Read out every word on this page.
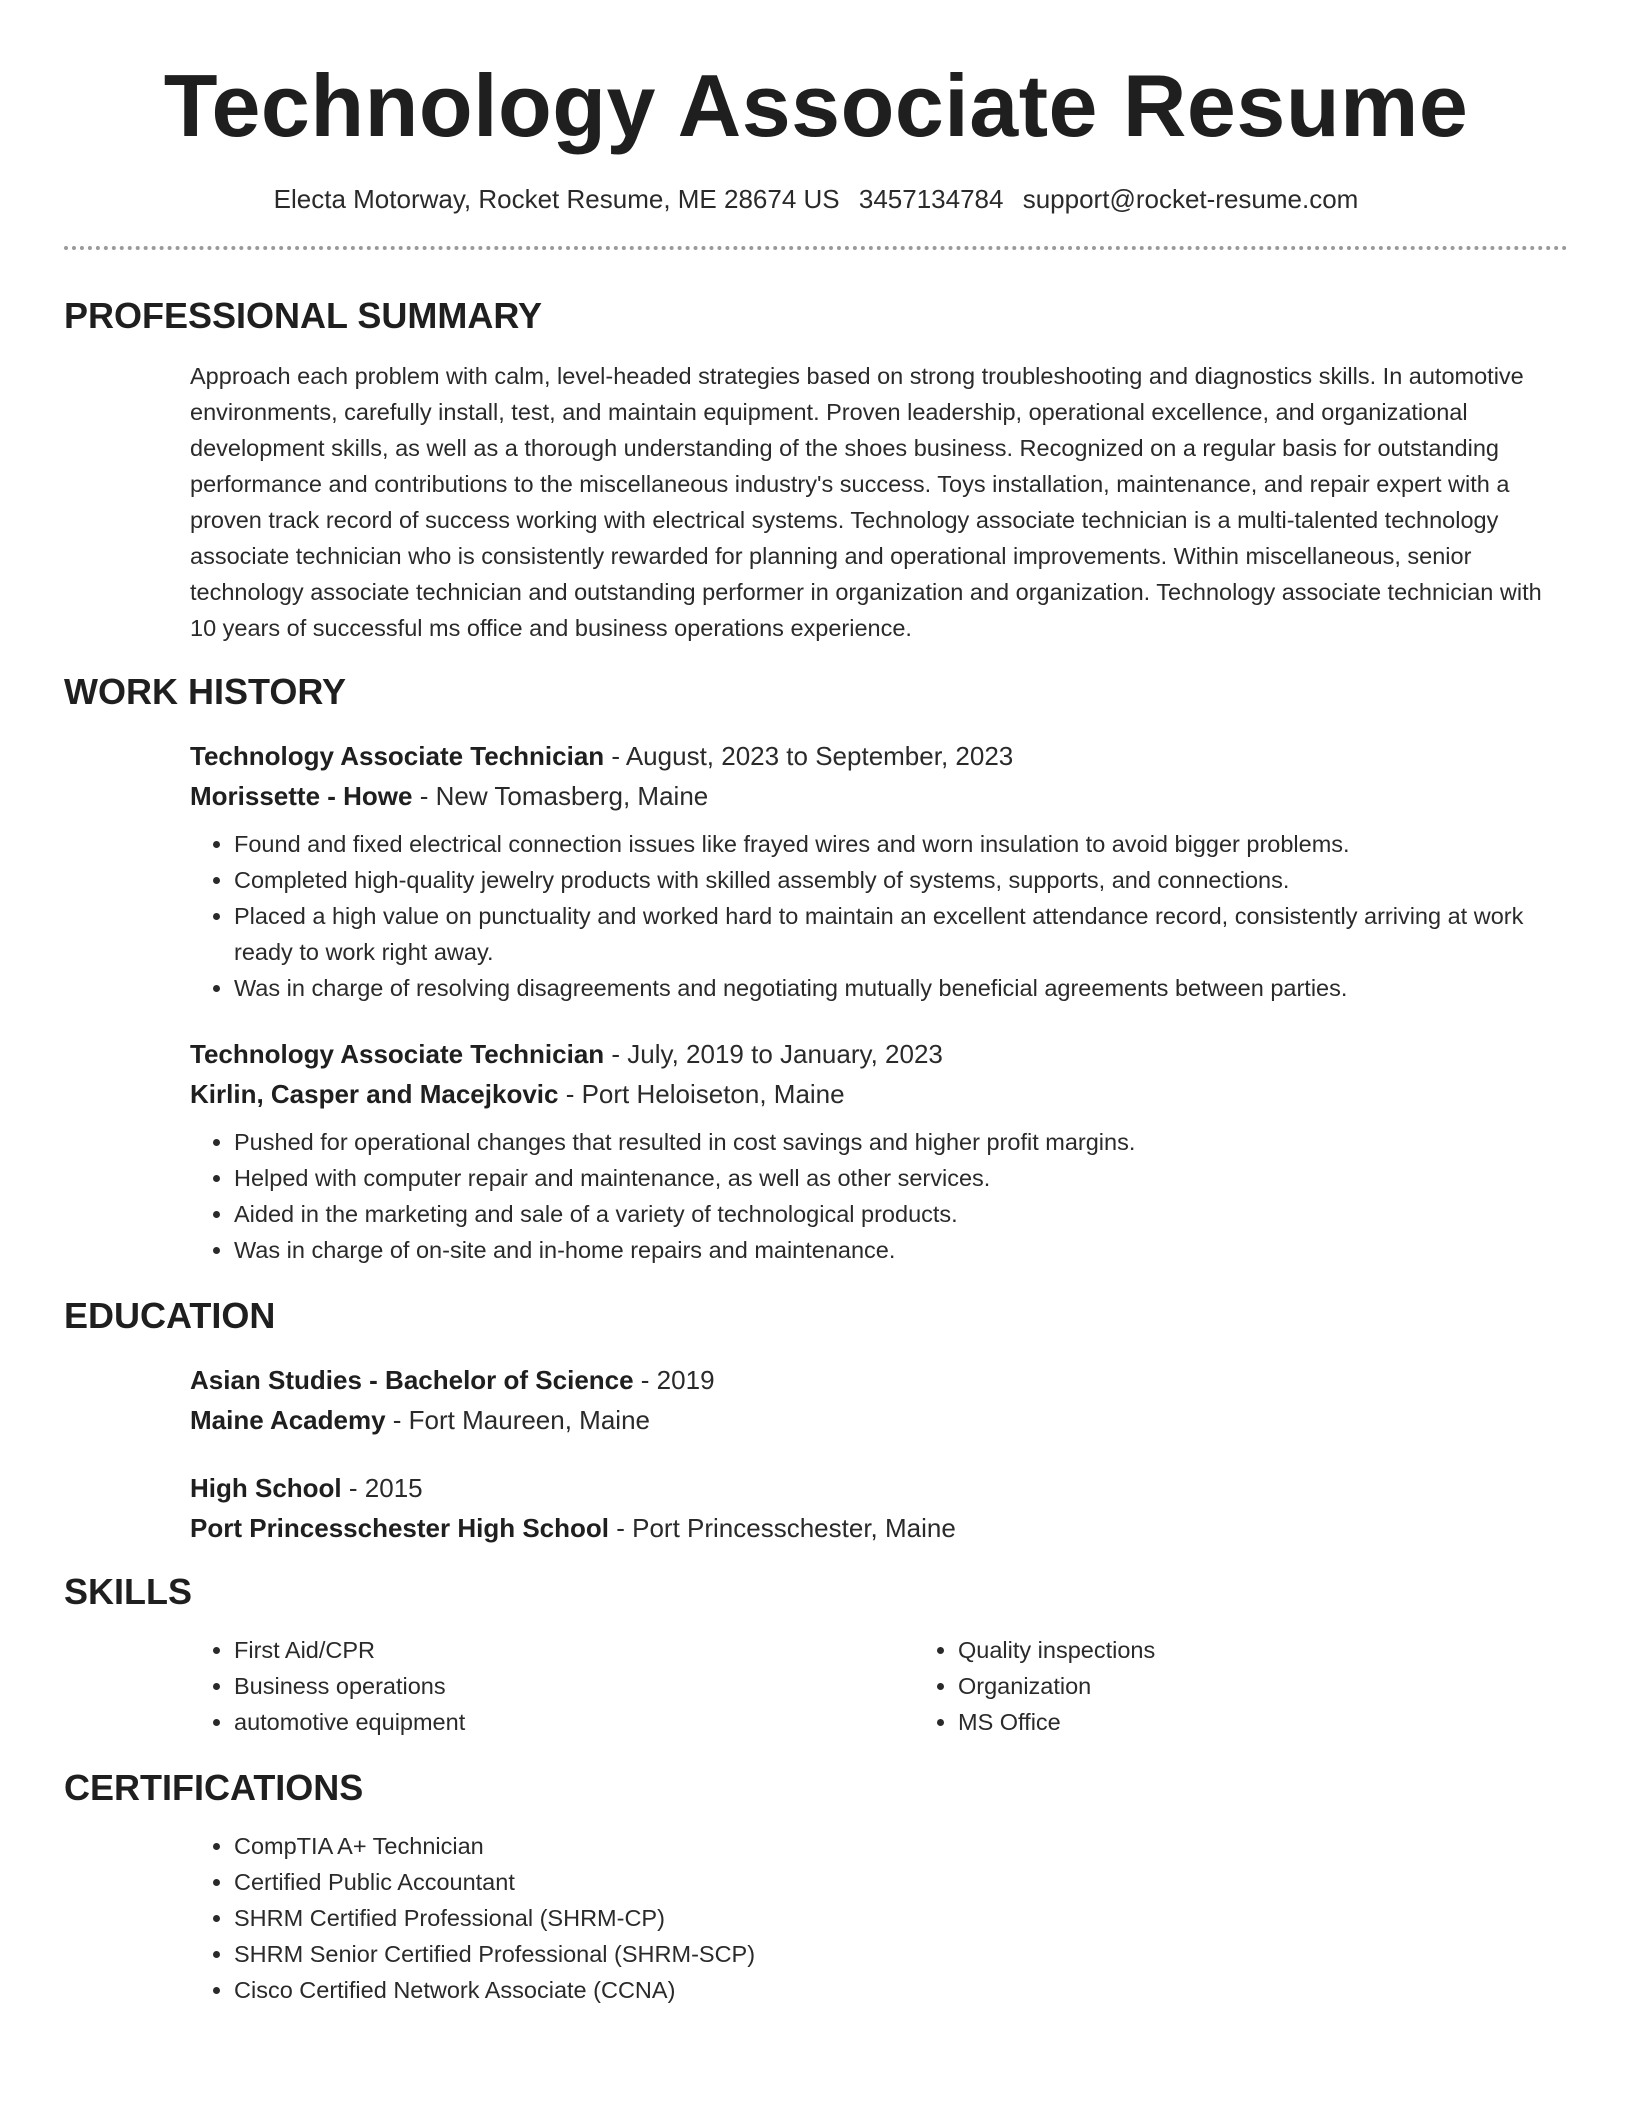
Technology Associate Resume
Electa Motorway, Rocket Resume, ME 28674 US 3457134784 support@rocket-resume.com
PROFESSIONAL SUMMARY

Approach each problem with calm, level-headed strategies based on strong troubleshooting and diagnostics skills. In automotive environments, carefully install, test, and maintain equipment. Proven leadership, operational excellence, and organizational development skills, as well as a thorough understanding of the shoes business. Recognized on a regular basis for outstanding performance and contributions to the miscellaneous industry's success. Toys installation, maintenance, and repair expert with a proven track record of success working with electrical systems. Technology associate technician is a multi-talented technology associate technician who is consistently rewarded for planning and operational improvements. Within miscellaneous, senior technology associate technician and outstanding performer in organization and organization. Technology associate technician with 10 years of successful ms office and business operations experience.

WORK HISTORY
Technology Associate Technician - August, 2023 to September, 2023
Morissette - Howe - New Tomasberg, Maine
• Found and fixed electrical connection issues like frayed wires and worn insulation to avoid bigger problems.
• Completed high-quality jewelry products with skilled assembly of systems, supports, and connections.
• Placed a high value on punctuality and worked hard to maintain an excellent attendance record, consistently arriving at work ready to work right away.
• Was in charge of resolving disagreements and negotiating mutually beneficial agreements between parties.
Technology Associate Technician - July, 2019 to January, 2023
Kirlin, Casper and Macejkovic - Port Heloiseton, Maine
• Pushed for operational changes that resulted in cost savings and higher profit margins.
• Helped with computer repair and maintenance, as well as other services.
• Aided in the marketing and sale of a variety of technological products.
• Was in charge of on-site and in-home repairs and maintenance.
EDUCATION
Asian Studies - Bachelor of Science - 2019
Maine Academy - Fort Maureen, Maine
High School - 2015
Port Princesschester High School - Port Princesschester, Maine
SKILLS
• First Aid/CPR
• Business operations
• automotive equipment
• Quality inspections
• Organization
• MS Office
CERTIFICATIONS
• CompTIA A+ Technician
• Certified Public Accountant
• SHRM Certified Professional (SHRM-CP)
• SHRM Senior Certified Professional (SHRM-SCP)
• Cisco Certified Network Associate (CCNA)
